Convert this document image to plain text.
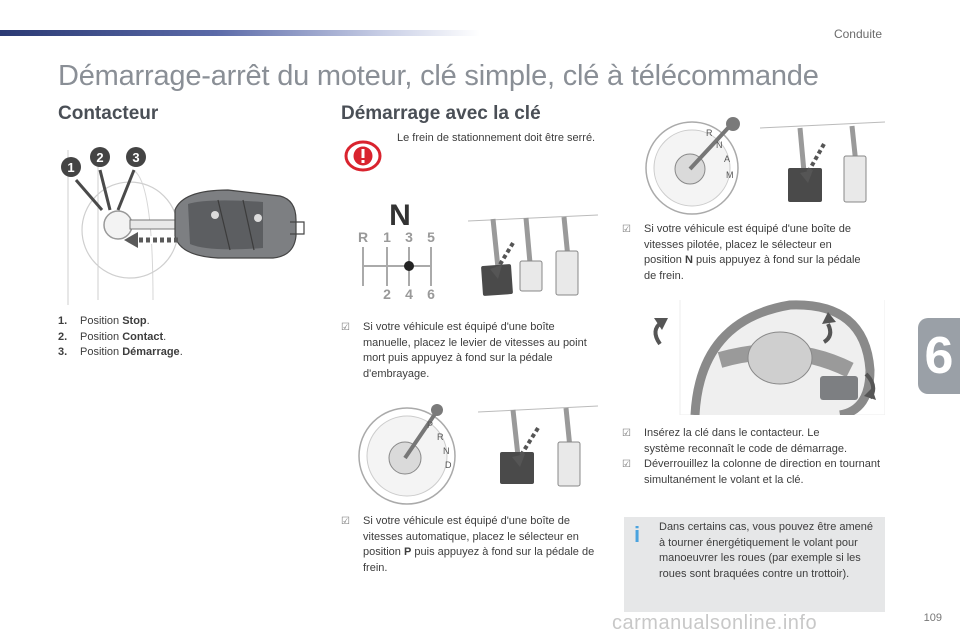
Conduite
Démarrage-arrêt du moteur, clé simple, clé à télécommande
Contacteur
1
2 3
1.	Position Stop.
2.	Position Contact.
3.	Position Démarrage.
Démarrage avec la clé
Le frein de stationnement doit être serré.
N
R 1 3 5
2 4 6
☑	Si votre véhicule est équipé d'une boîte manuelle, placez le levier de vitesses au point mort puis appuyez à fond sur la pédale d'embrayage.
P
R
N
D
☑	Si votre véhicule est équipé d'une boîte de vitesses automatique, placez le sélecteur en position P puis appuyez à fond sur la pédale de frein.
R
N
A
M
☑	Si votre véhicule est équipé d'une boîte de vitesses pilotée, placez le sélecteur en position N puis appuyez à fond sur la pédale de frein.
☑	Insérez la clé dans le contacteur. Le système reconnaît le code de démarrage.
☑	Déverrouillez la colonne de direction en tournant simultanément le volant et la clé.
i	Dans certains cas, vous pouvez être amené à tourner énergétiquement le volant pour manoeuvrer les roues (par exemple si les roues sont braquées contre un trottoir).
6
carmanualsonline.info	109
